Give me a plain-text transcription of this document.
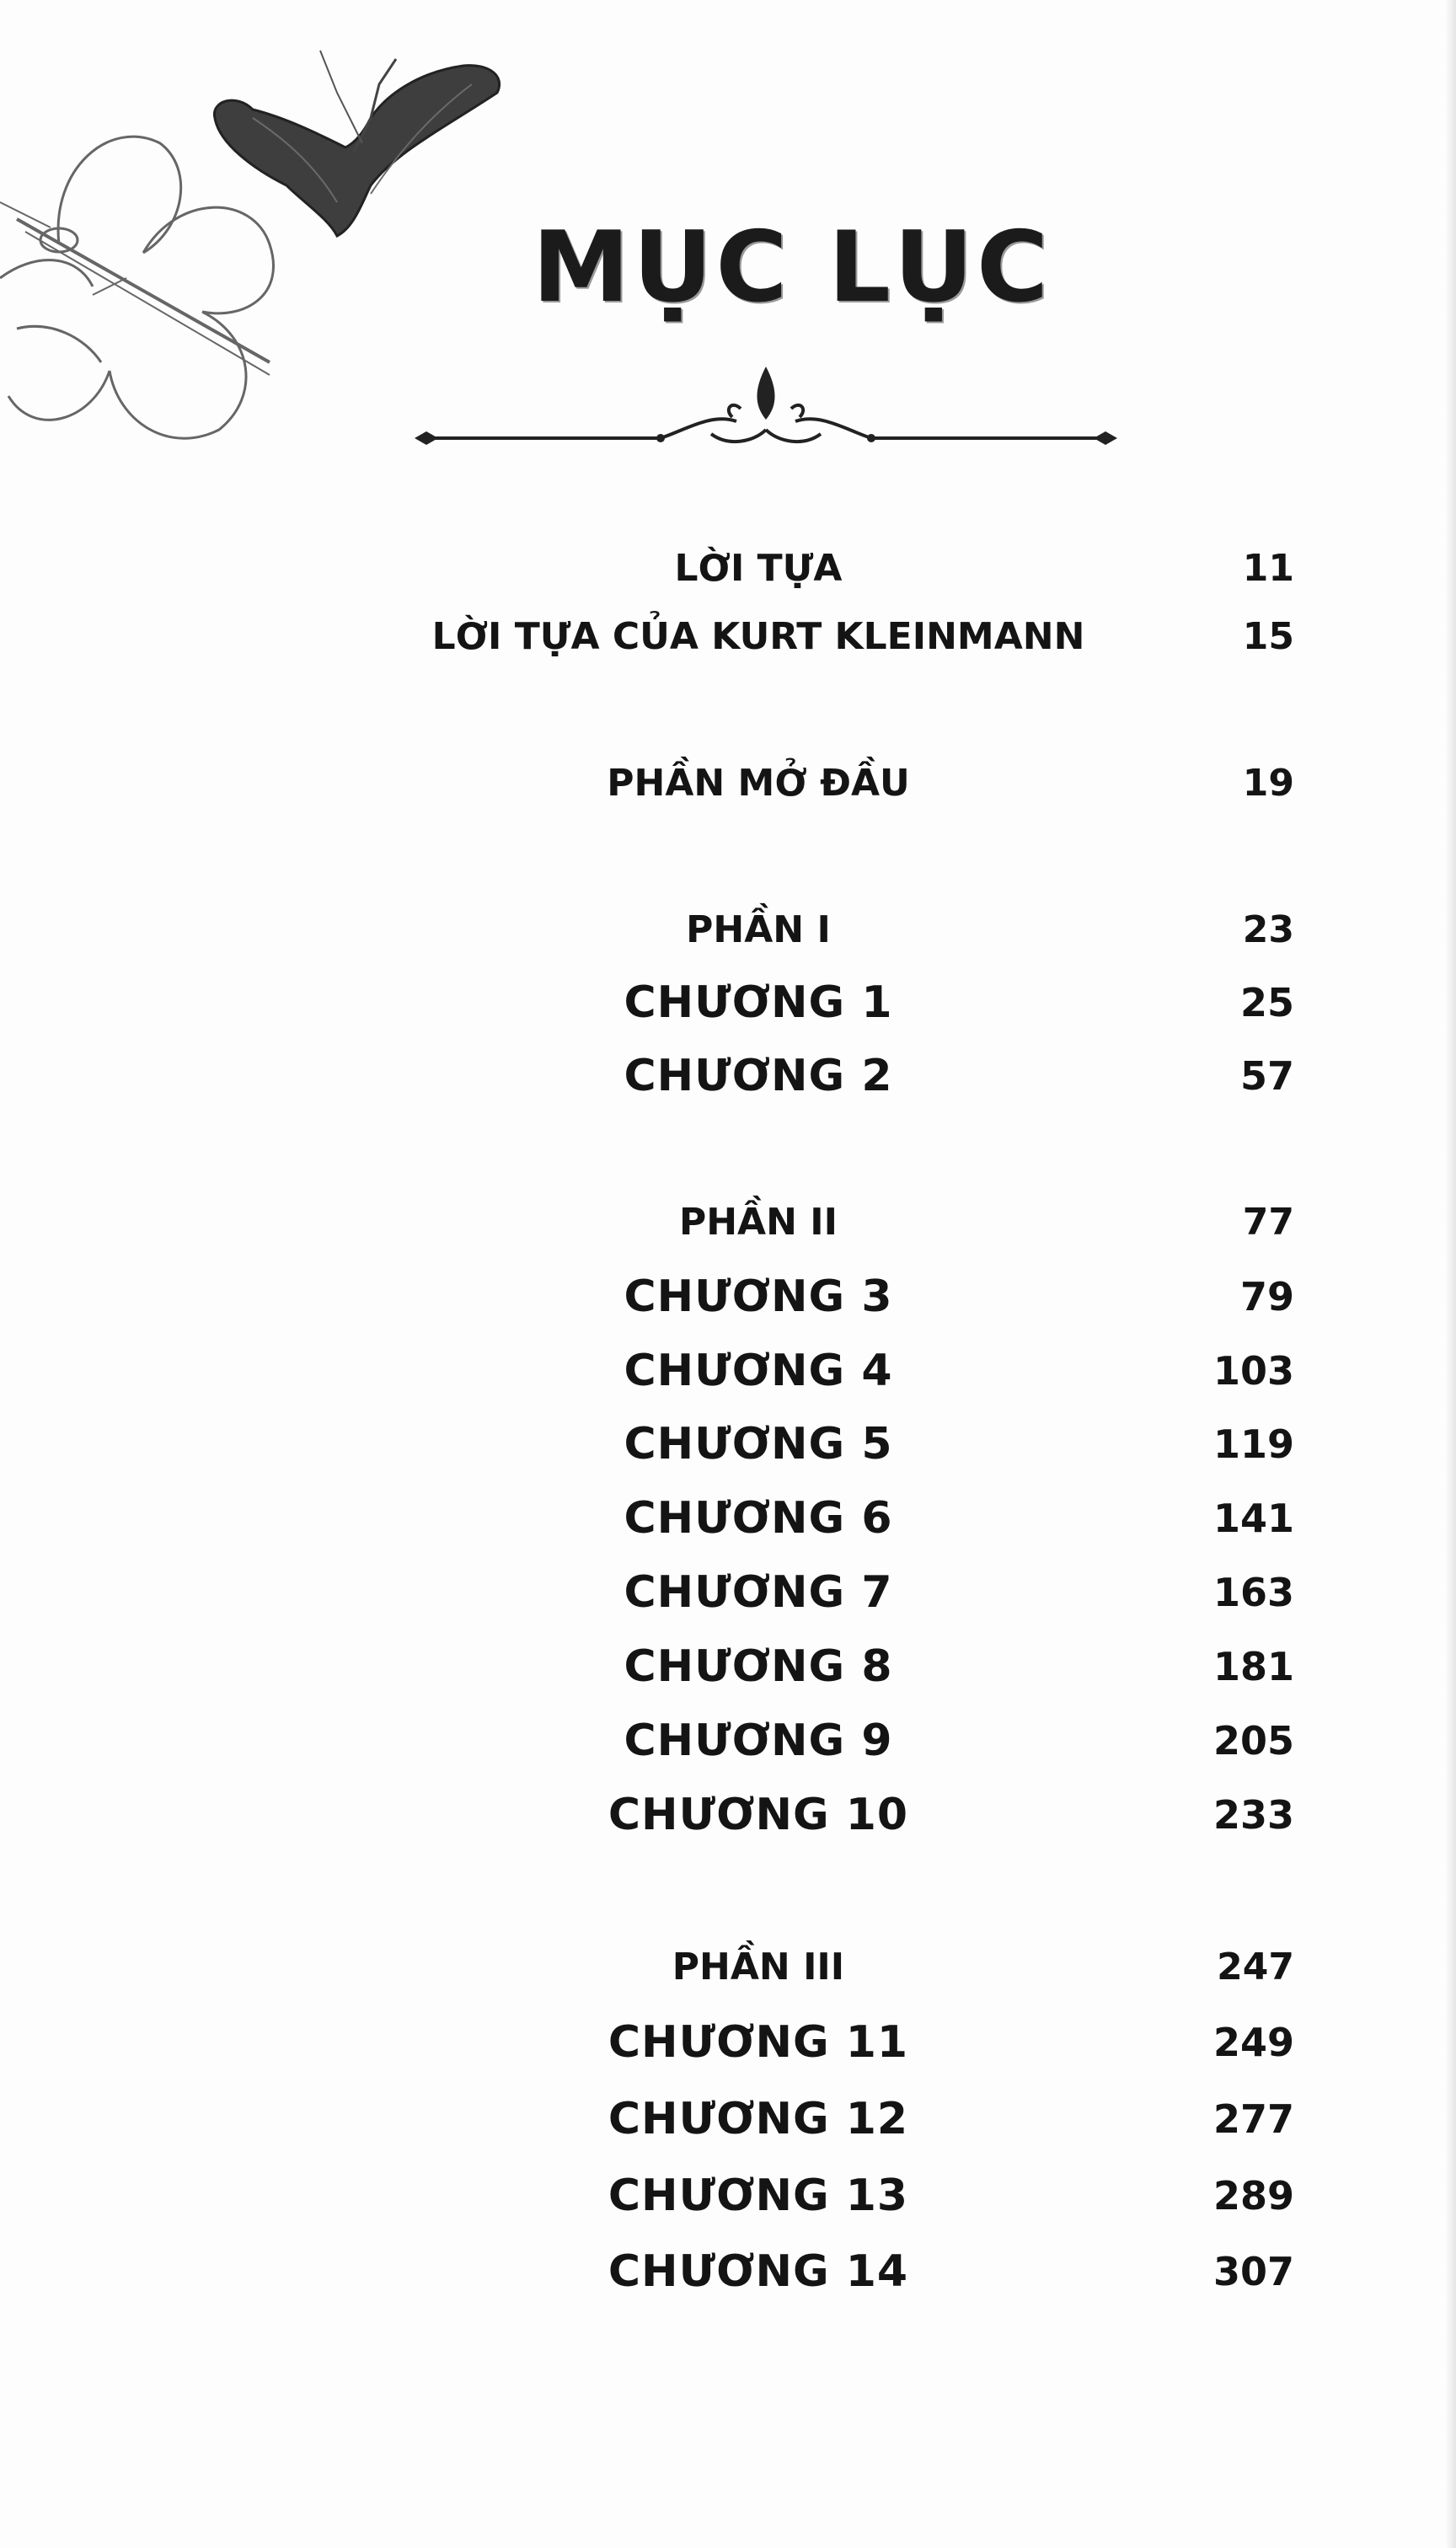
MỤC LỤC
LỜI TỰA	11
LỜI TỰA CỦA KURT KLEINMANN	15
PHẦN MỞ ĐẦU	19
PHẦN I	23
CHƯƠNG 1	25
CHƯƠNG 2	57
PHẦN II	77
CHƯƠNG 3	79
CHƯƠNG 4	103
CHƯƠNG 5	119
CHƯƠNG 6	141
CHƯƠNG 7	163
CHƯƠNG 8	181
CHƯƠNG 9	205
CHƯƠNG 10	233
PHẦN III	247
CHƯƠNG 11	249
CHƯƠNG 12	277
CHƯƠNG 13	289
CHƯƠNG 14	307
